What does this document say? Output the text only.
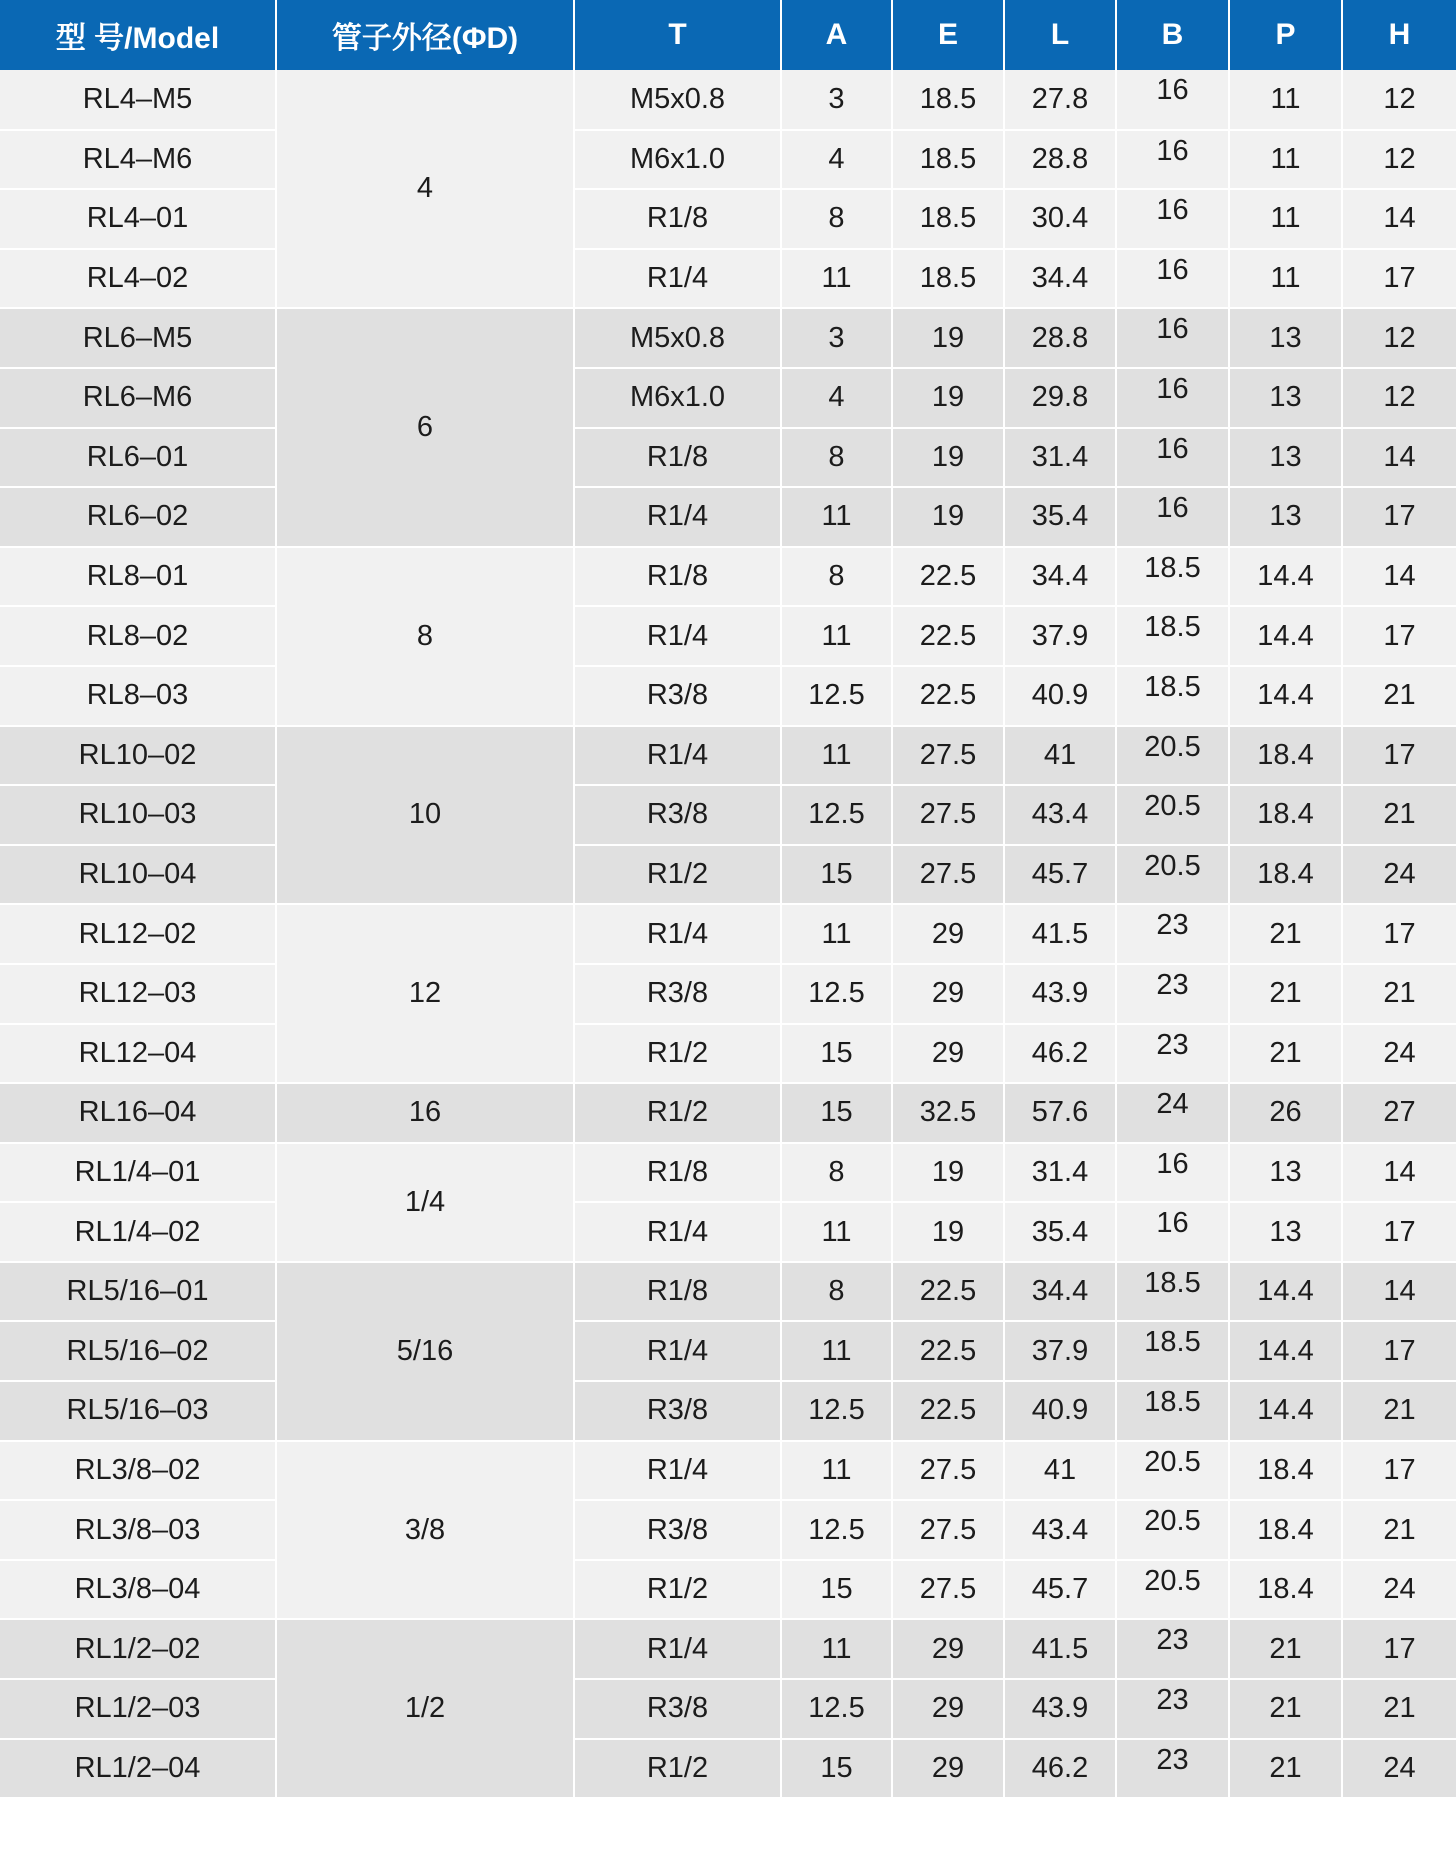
型 号/Model	管子外径(ΦD)	T	A	E	L	B	P	H
RL4–M5	4	M5x0.8	3	18.5	27.8	16	11	12
RL4–M6		M6x1.0	4	18.5	28.8	16	11	12
RL4–01		R1/8	8	18.5	30.4	16	11	14
RL4–02		R1/4	11	18.5	34.4	16	11	17
RL6–M5	6	M5x0.8	3	19	28.8	16	13	12
RL6–M6		M6x1.0	4	19	29.8	16	13	12
RL6–01		R1/8	8	19	31.4	16	13	14
RL6–02		R1/4	11	19	35.4	16	13	17
RL8–01	8	R1/8	8	22.5	34.4	18.5	14.4	14
RL8–02		R1/4	11	22.5	37.9	18.5	14.4	17
RL8–03		R3/8	12.5	22.5	40.9	18.5	14.4	21
RL10–02	10	R1/4	11	27.5	41	20.5	18.4	17
RL10–03		R3/8	12.5	27.5	43.4	20.5	18.4	21
RL10–04		R1/2	15	27.5	45.7	20.5	18.4	24
RL12–02	12	R1/4	11	29	41.5	23	21	17
RL12–03		R3/8	12.5	29	43.9	23	21	21
RL12–04		R1/2	15	29	46.2	23	21	24
RL16–04	16	R1/2	15	32.5	57.6	24	26	27
RL1/4–01	1/4	R1/8	8	19	31.4	16	13	14
RL1/4–02		R1/4	11	19	35.4	16	13	17
RL5/16–01	5/16	R1/8	8	22.5	34.4	18.5	14.4	14
RL5/16–02		R1/4	11	22.5	37.9	18.5	14.4	17
RL5/16–03		R3/8	12.5	22.5	40.9	18.5	14.4	21
RL3/8–02	3/8	R1/4	11	27.5	41	20.5	18.4	17
RL3/8–03		R3/8	12.5	27.5	43.4	20.5	18.4	21
RL3/8–04		R1/2	15	27.5	45.7	20.5	18.4	24
RL1/2–02	1/2	R1/4	11	29	41.5	23	21	17
RL1/2–03		R3/8	12.5	29	43.9	23	21	21
RL1/2–04		R1/2	15	29	46.2	23	21	24
